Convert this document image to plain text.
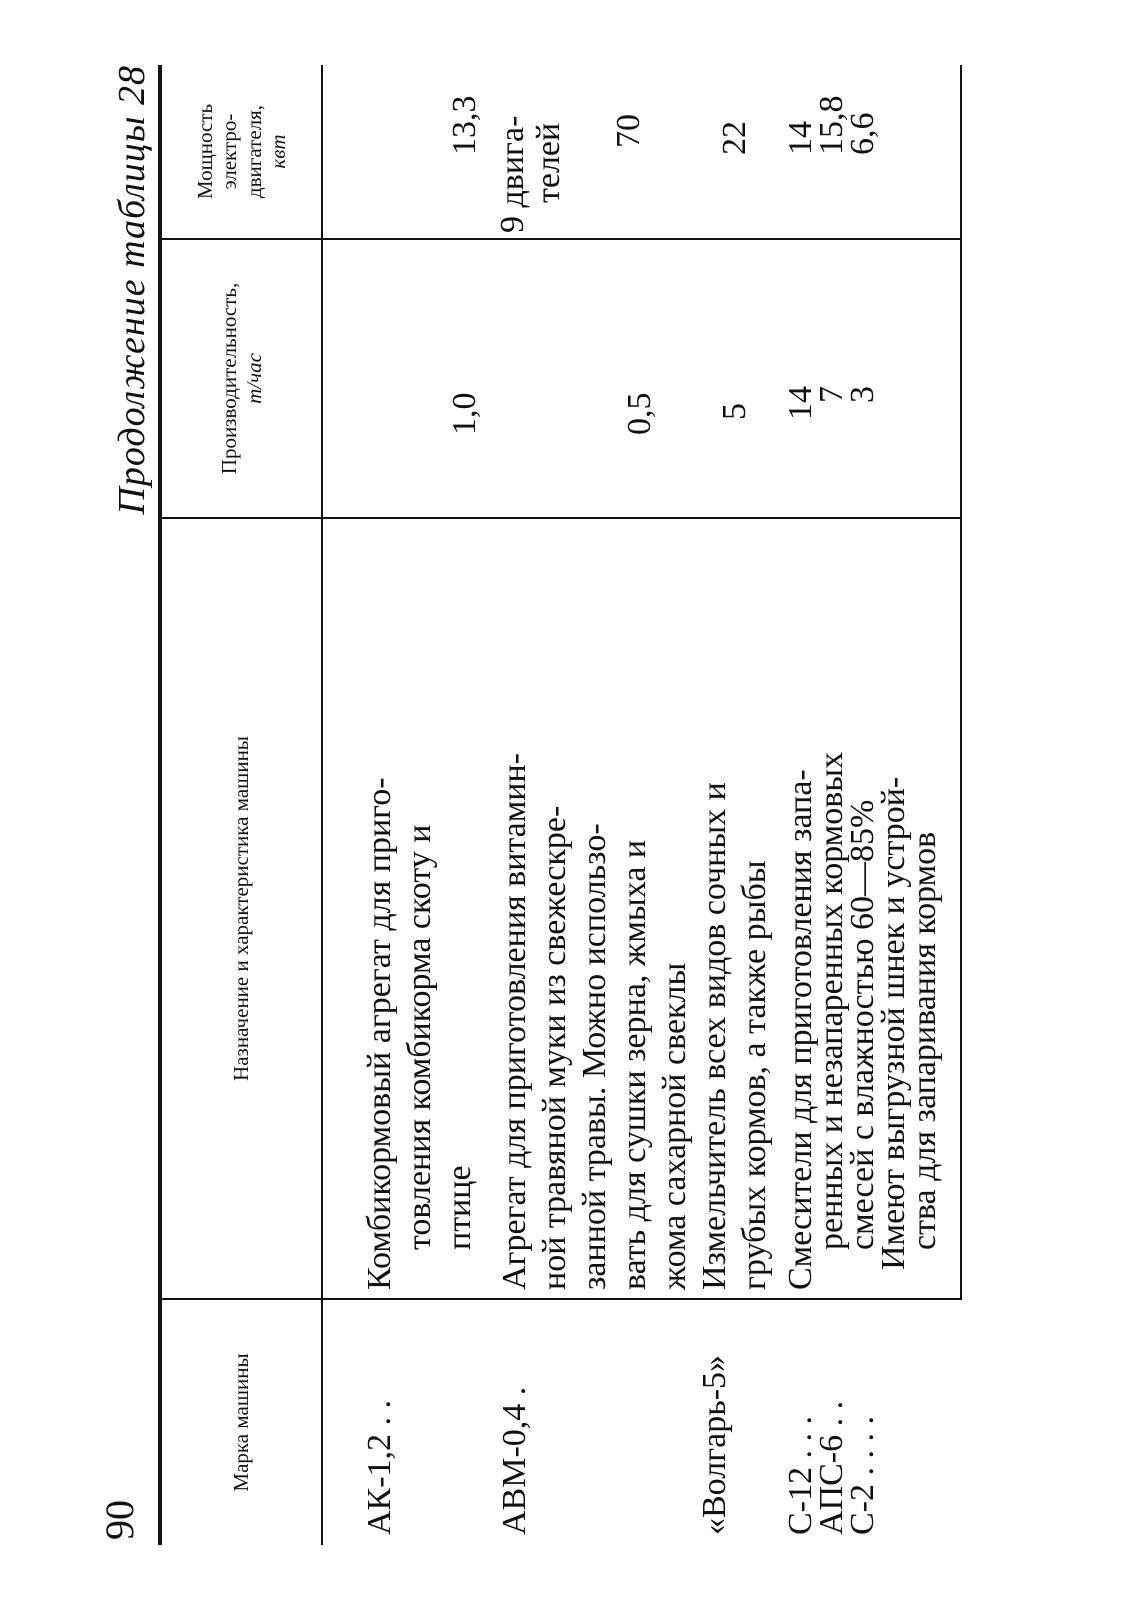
Продолжение таблицы 28
Марка машины
Назначение и характеристика машины
Производительность, т/час
Мощность электро-двигателя, квт
АК-1,2 . .
Комбикормовый агрегат для приго- товления комбикорма скоту и птице
1,0
13,3
АВМ-0,4 .
Агрегат для приготовления витамин- ной травяной муки из свежескре- занной травы. Можно использо- вать для сушки зерна, жмыха и жома сахарной свеклы
0,5
9 двига- телей 70
«Волгарь-5»
Измельчитель всех видов сочных и грубых кормов, а также рыбы
5
22
С-12 . . .
АПС-6 . .
С-2 . . . .
Смесители для приготовления запа-
ренных и незапаренных кормовых
смесей с влажностью 60—85%
Имеют выгрузной шнек и устрой-
ства для запаривания кормов
14
7
3
14
15,8
6,6
90
